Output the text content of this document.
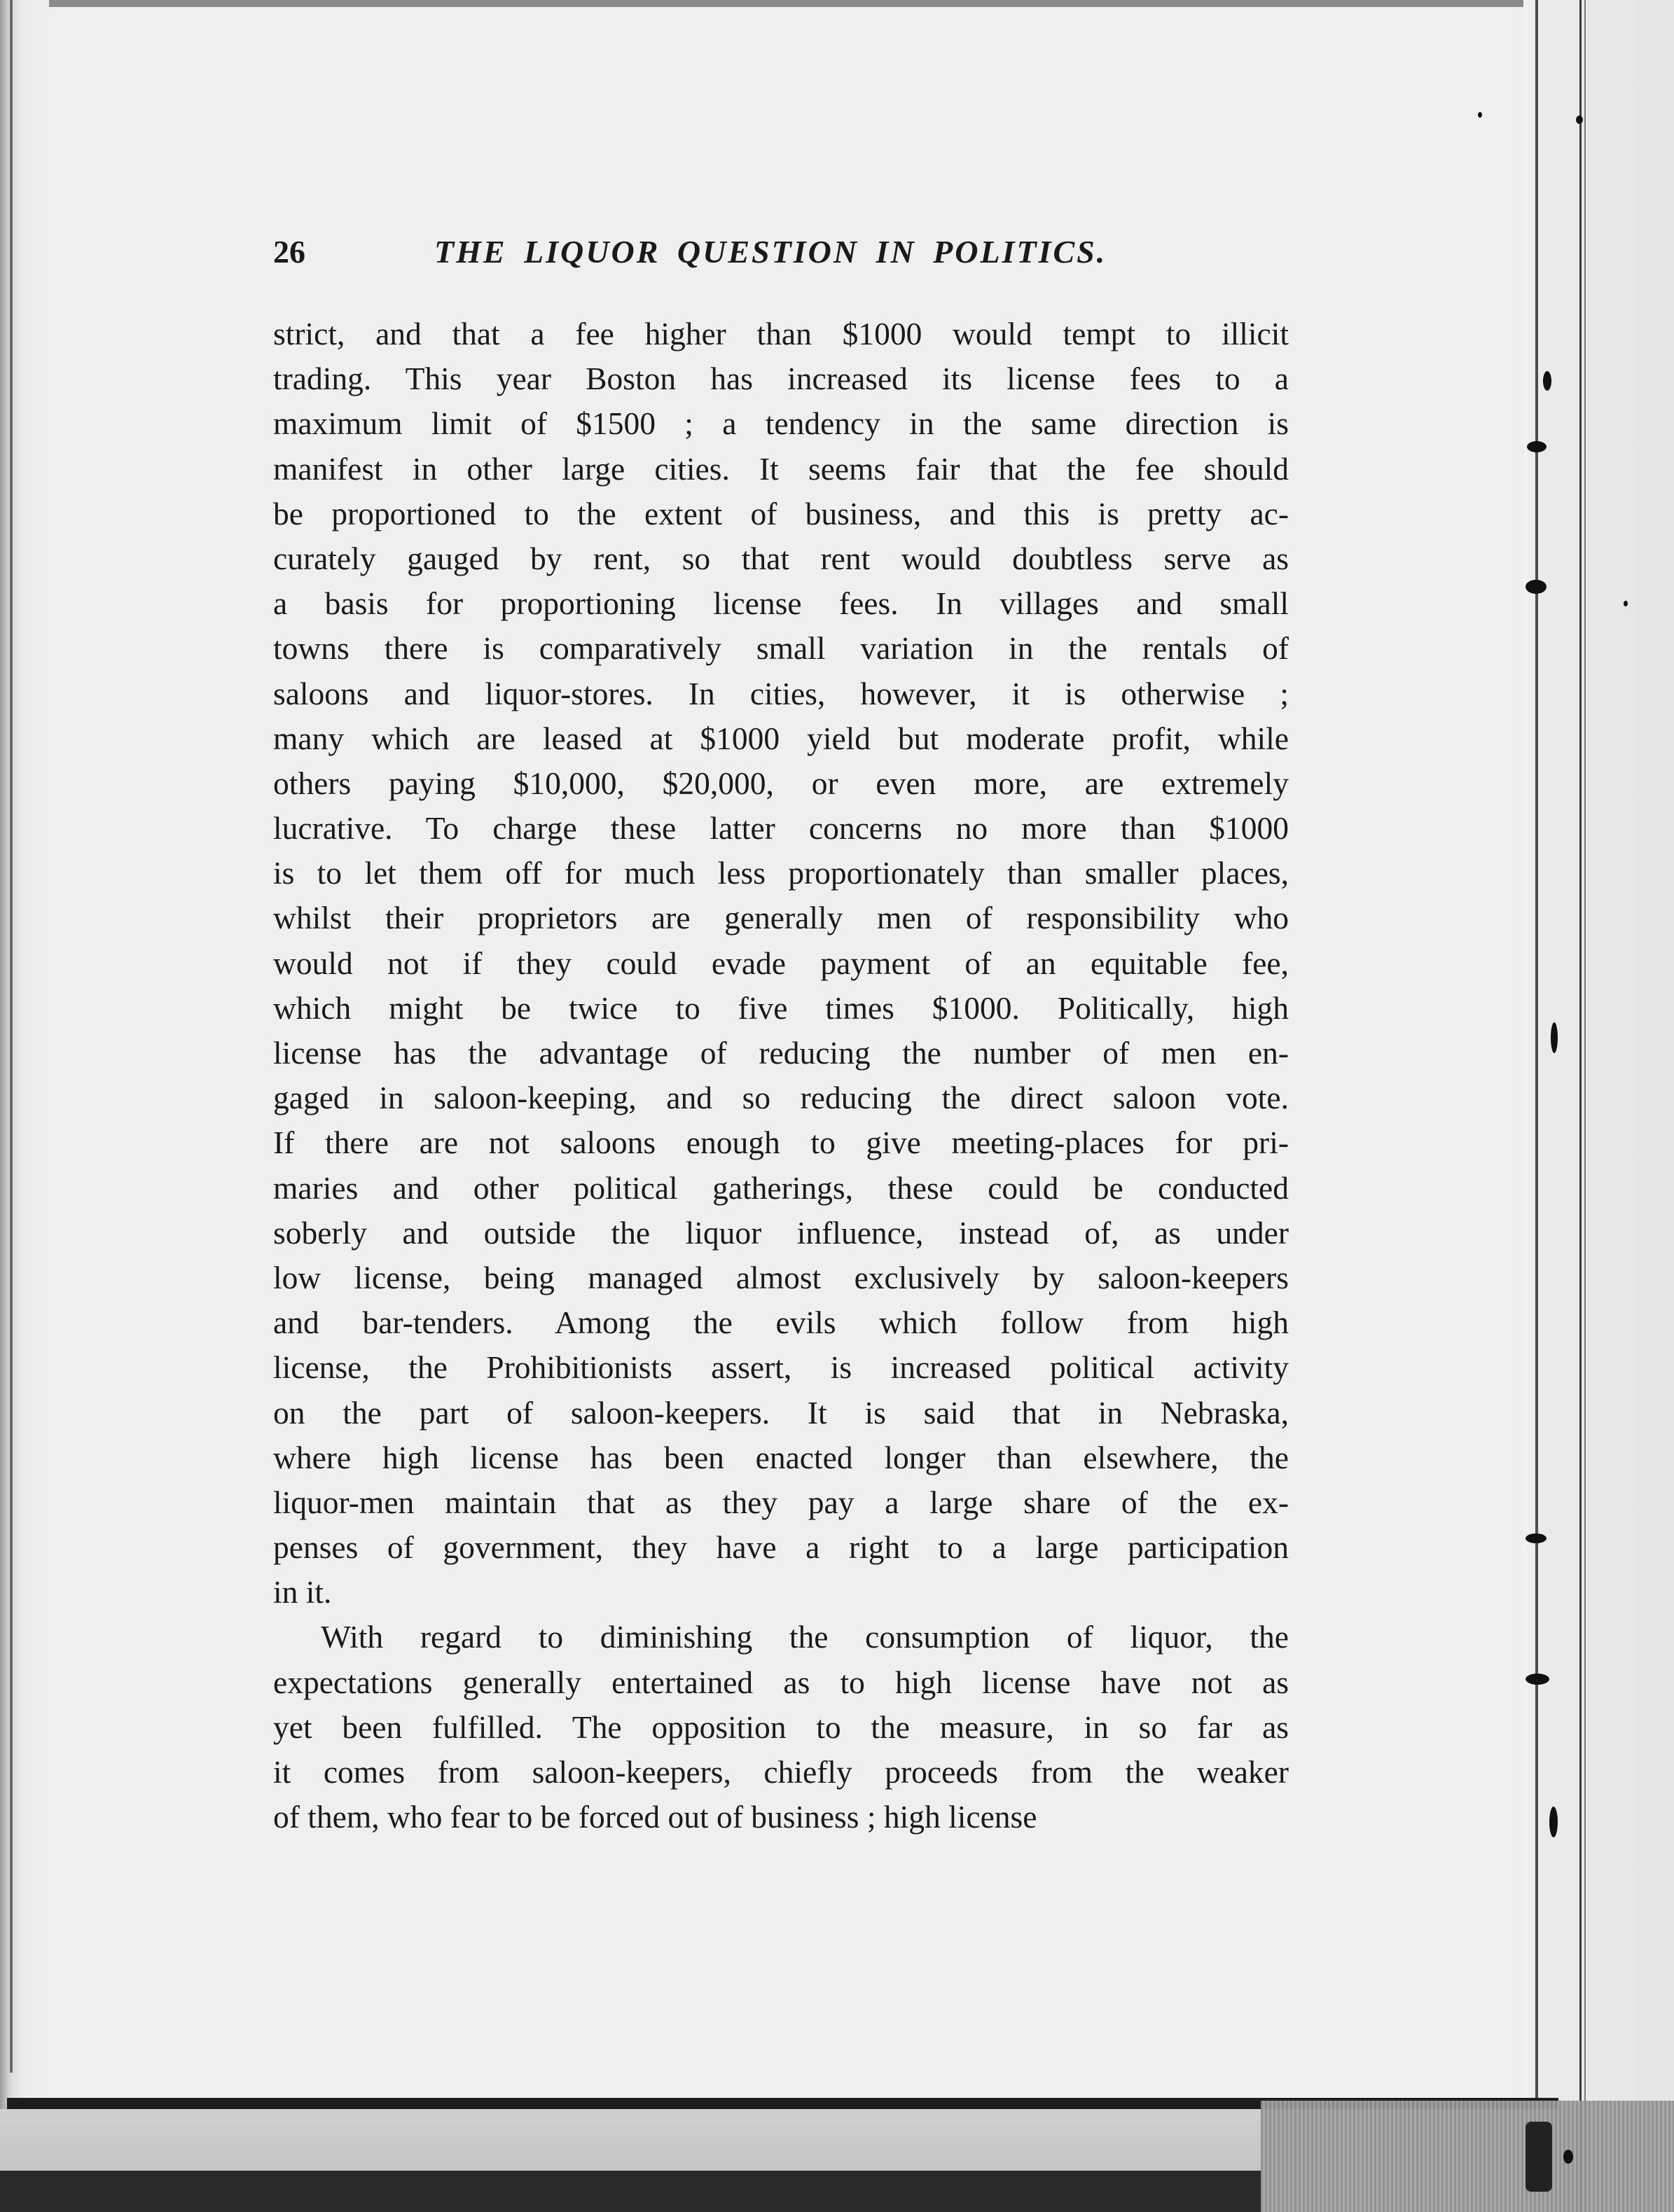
26	THE LIQUOR QUESTION IN POLITICS.
strict, and that a fee higher than $1000 would tempt to illicit
trading. This year Boston has increased its license fees to a
maximum limit of $1500 ; a tendency in the same direction is
manifest in other large cities. It seems fair that the fee should
be proportioned to the extent of business, and this is pretty ac-
curately gauged by rent, so that rent would doubtless serve as
a basis for proportioning license fees. In villages and small
towns there is comparatively small variation in the rentals of
saloons and liquor-stores. In cities, however, it is otherwise ;
many which are leased at $1000 yield but moderate profit, while
others paying $10,000, $20,000, or even more, are extremely
lucrative. To charge these latter concerns no more than $1000
is to let them off for much less proportionately than smaller places,
whilst their proprietors are generally men of responsibility who
would not if they could evade payment of an equitable fee,
which might be twice to five times $1000. Politically, high
license has the advantage of reducing the number of men en-
gaged in saloon-keeping, and so reducing the direct saloon vote.
If there are not saloons enough to give meeting-places for pri-
maries and other political gatherings, these could be conducted
soberly and outside the liquor influence, instead of, as under
low license, being managed almost exclusively by saloon-keepers
and bar-tenders. Among the evils which follow from high
license, the Prohibitionists assert, is increased political activity
on the part of saloon-keepers. It is said that in Nebraska,
where high license has been enacted longer than elsewhere, the
liquor-men maintain that as they pay a large share of the ex-
penses of government, they have a right to a large participation
in it.
With regard to diminishing the consumption of liquor, the
expectations generally entertained as to high license have not as
yet been fulfilled. The opposition to the measure, in so far as
it comes from saloon-keepers, chiefly proceeds from the weaker
of them, who fear to be forced out of business ; high license
